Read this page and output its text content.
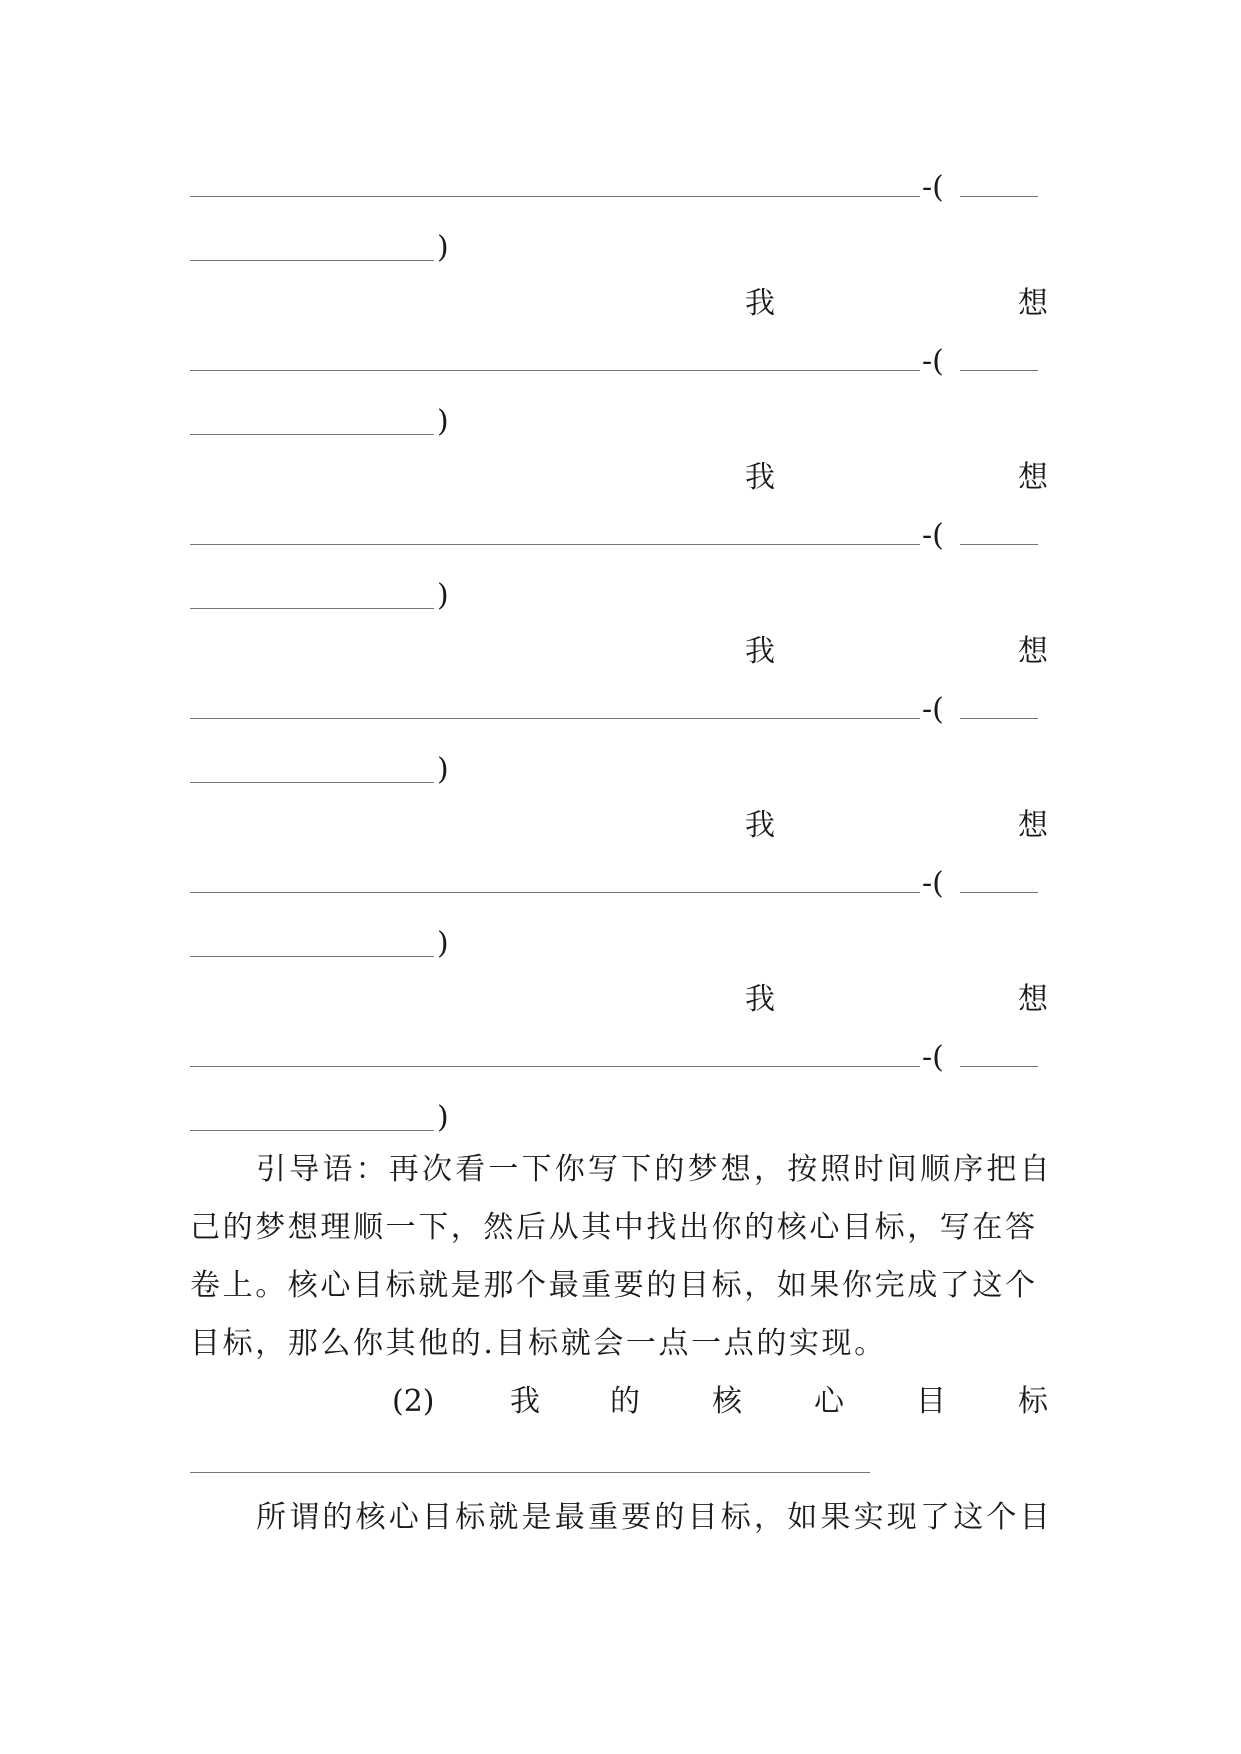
-(
)
我	想
-(
)
我	想
-(
)
我	想
-(
)
我	想
-(
)
我	想
-(
)
引导语：再次看一下你写下的梦想，按照时间顺序把自
己的梦想理顺一下，然后从其中找出你的核心目标，写在答
卷上。核心目标就是那个最重要的目标，如果你完成了这个
目标，那么你其他的.目标就会一点一点的实现。
(2)	我 的 核 心 目 标
所谓的核心目标就是最重要的目标，如果实现了这个目
